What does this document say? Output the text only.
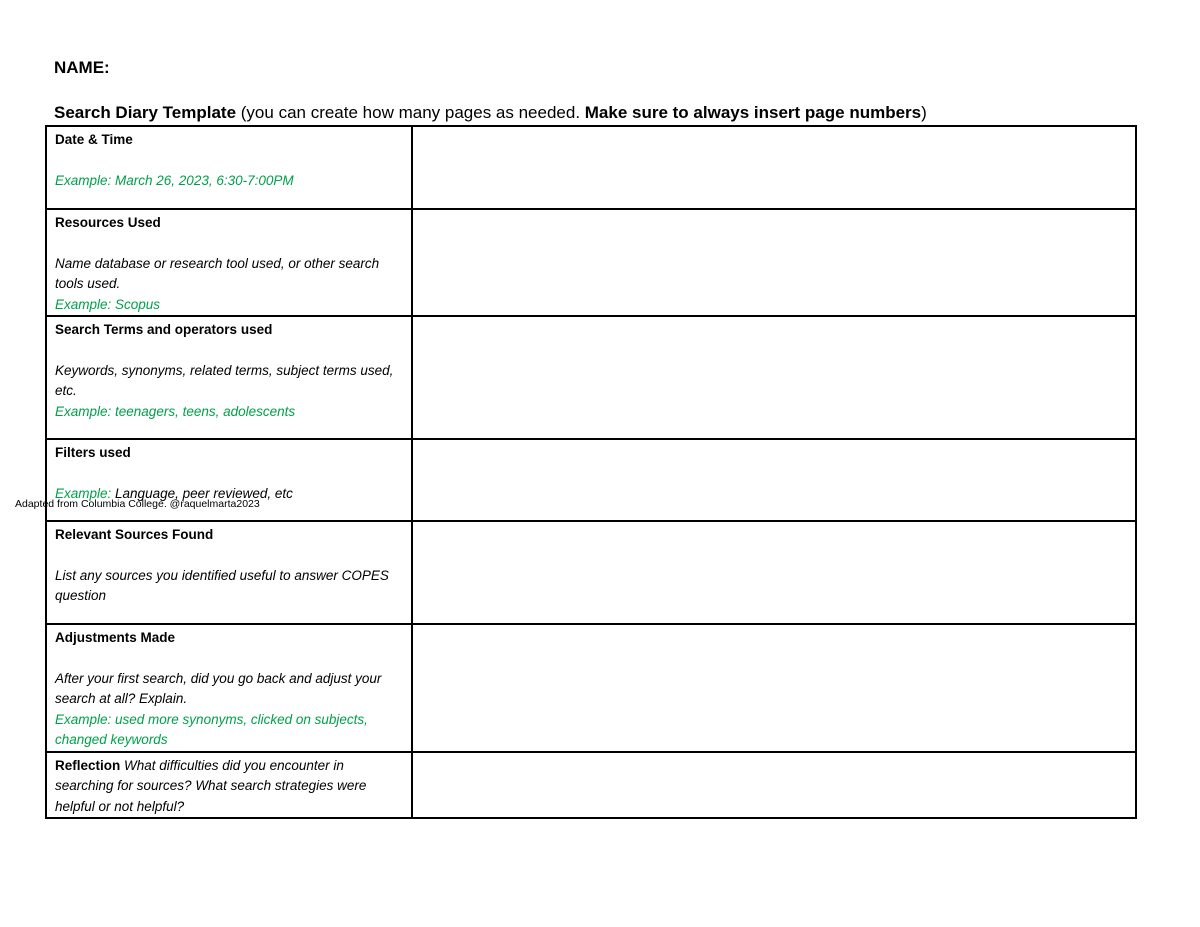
NAME:
Search Diary Template (you can create how many pages as needed. Make sure to always insert page numbers)
Date & Time
Example: March 26, 2023, 6:30-7:00PM	

Resources Used
Name database or research tool used, or other search tools used.
Example: Scopus	

Search Terms and operators used
Keywords, synonyms, related terms, subject terms used, etc.
Example: teenagers, teens, adolescents	

Filters used
Example: Language, peer reviewed, etc	

Relevant Sources Found
List any sources you identified useful to answer COPES question	

Adjustments Made
After your first search, did you go back and adjust your search at all? Explain.
Example: used more synonyms, clicked on subjects, changed keywords	

Reflection What difficulties did you encounter in searching for sources? What search strategies were helpful or not helpful?	

Adapted from Columbia College. @raquelmarta2023
